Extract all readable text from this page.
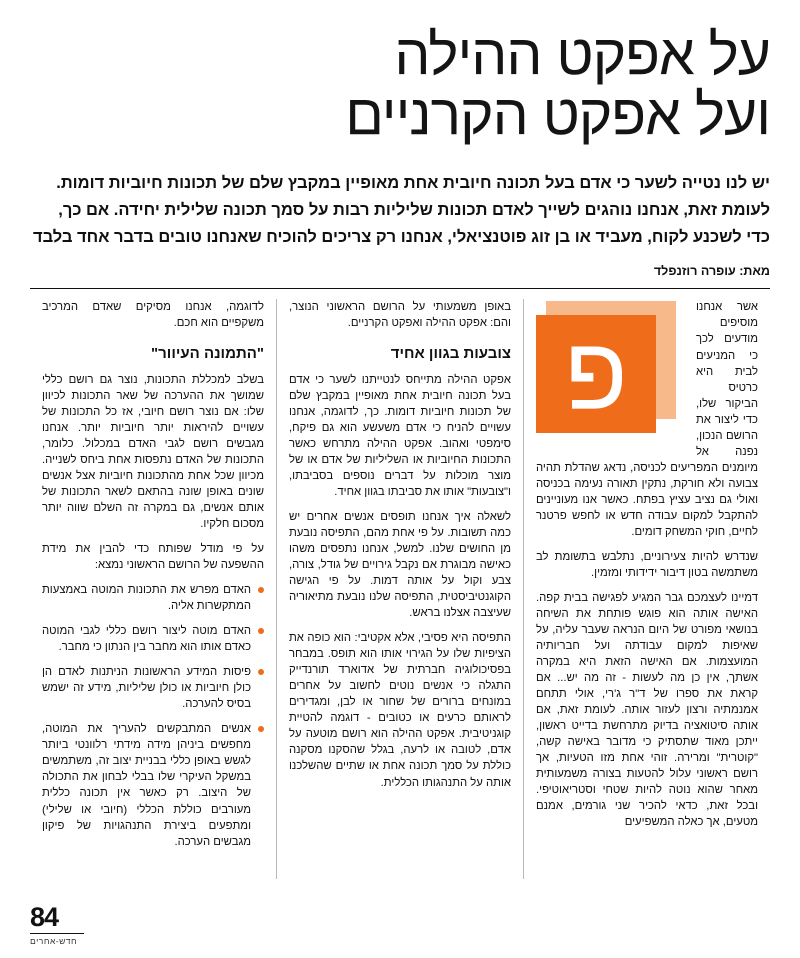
על אפקט ההילה
ועל אפקט הקרניים
יש לנו נטייה לשער כי אדם בעל תכונה חיובית אחת מאופיין במקבץ שלם של תכונות חיוביות דומות.
לעומת זאת, אנחנו נוהגים לשייך לאדם תכונות שליליות רבות על סמך תכונה שלילית יחידה. אם כך,
כדי לשכנע לקוח, מעביד או בן זוג פוטנציאלי, אנחנו רק צריכים להוכיח שאנחנו טובים בדבר אחד בלבד
מאת: עופרה רוזנפלד
פ

אשר אנחנו מוסיפים מודעים לכך כי המניעים לבית היא כרטיס הביקור שלו, כדי ליצור את הרושם הנכון, נפנה אל מיומנים המפריעים לכניסה, נדאג שהדלת תהיה צבועה ולא חורקת, נתקין תאורה נעימה בכניסה ואולי גם נציב עציץ בפתח. כאשר אנו מעוניינים להתקבל למקום עבודה חדש או לחפש פרטנר לחיים, חוקי המשחק דומים.

שנדרש להיות צעירוניים, נתלבש בתשומת לב משתמשה בטון דיבור ידידותי ומזמין.

דמיינו לעצמכם גבר המגיע לפגישה בבית קפה. האישה אותה הוא פוגש פותחת את השיחה בנושאי מפורט של היום הנראה שעבר עליה, על שאיפות למקום עבודתה ועל חבריותיה המועצמות. אם האישה הזאת היא במקרה אשתך, אין כן מה לעשות - זה מה יש... אם קראת את ספרו של ד"ר ג'רי, אולי תתחם אמנמתיה ורצון לעזור אותה. לעומת זאת, אם אותה סיטואציה בדיוק מתרחשת בדייט ראשון, ייתכן מאוד שתסתיק כי מדובר באישה קשה, "קוטרית" ומרירה. זוהי אחת מזו הטעיות, אך רושם ראשוני עלול להטעות בצורה משמעותית מאחר שהוא נוטה להיות שטחי וסטריאוטיפי. ובכל זאת, כדאי להכיר שני גורמים, אמנם מטעים, אך כאלה המשפיעים

באופן משמעותי על הרושם הראשוני הנוצר, והם: אפקט ההילה ואפקט הקרניים.

צובעות בגוון אחיד

אפקט ההילה מתייחס לנטייתנו לשער כי אדם בעל תכונה חיובית אחת מאופיין במקבץ שלם של תכונות חיוביות דומות. כך, לדוגמה, אנחנו עשויים להניח כי אדם משעשע הוא גם פיקח, סימפטי ואהוב. אפקט ההילה מתרחש כאשר התכונות החיוביות או השליליות של אדם או של מוצר מוכלות על דברים נוספים בסביבתו, ו"צובעות" אותו את סביבתו בגוון אחיד.

לשאלה איך אנחנו תופסים אנשים אחרים יש כמה תשובות. על פי אחת מהם, התפיסה נובעת מן החושים שלנו. למשל, אנחנו נתפסים משהו כאישה מבוגרת אם נקבל גירויים של גודל, צורה, צבע וקול על אותה דמות. על פי הגישה הקוגנטיביסטית, התפיסה שלנו נובעת מתיאוריה שעיצבה אצלנו בראש.

התפיסה היא פסיבי, אלא אקטיבי: הוא כופה את הציפיות שלו על הגירוי אותו הוא תופס. במבחר בפסיכולוגיה חברתית של אדוארד תורנדייק התגלה כי אנשים נוטים לחשוב על אחרים במונחים ברורים של שחור או לבן, ומגדירים לראותם כרעים או כטובים - דוגמה להטיית קוגניטיבית. אפקט ההילה הוא רושם מוטעה על אדם, לטובה או לרעה, בגלל שהסקנו מסקנה כוללת על סמך תכונה אחת או שתיים שהשלכנו אותה על התנהגותו הכללית.

לדוגמה, אנחנו מסיקים שאדם המרכיב משקפיים הוא חכם.

"התמונה העיוור"

בשלב למכללת התכונות, נוצר גם רושם כללי שמושך את ההערכה של שאר התכונות לכיוון שלו: אם נוצר רושם חיובי, אז כל התכונות של עשויים להיראות יותר חיוביות יותר. אנחנו מגבשים רושם לגבי האדם במכלול. כלומר, התכונות של האדם נתפסות אחת ביחס לשנייה. מכיוון שכל אחת מהתכונות חיוביות אצל אנשים שונים באופן שונה בהתאם לשאר התכונות של אותם אנשים, גם במקרה זה השלם שווה יותר מסכום חלקיו.

על פי מודל שפותח כדי להבין את מידת ההשפעה של הרושם הראשוני נמצא:

האדם מפרש את התכונות המוטה באמצעות המתקשרות אליה.
האדם מוטה ליצור רושם כללי לגבי המוטה כאדם אותו הוא מחבר בין הנתון כי מחבר.
פיסות המידע הראשונות הניתנות לאדם הן כולן חיוביות או כולן שליליות, מידע זה ישמש בסיס להערכה.
אנשים המתבקשים להעריך את המוטה, מחפשים ביניהן מידה מידתי רלוונטי ביותר לגשש באופן כללי בבניית יצוב זה, משתמשים במשקל העיקרי שלו בבלי לבחון את התכולה של היצוב. רק כאשר אין תכונה כללית מעורבים כוללת הכללי (חיובי או שלילי) ומתפעים ביצירת התנהגויות של פיקון מגבשים הערכה.
84
חדש-אחרים
